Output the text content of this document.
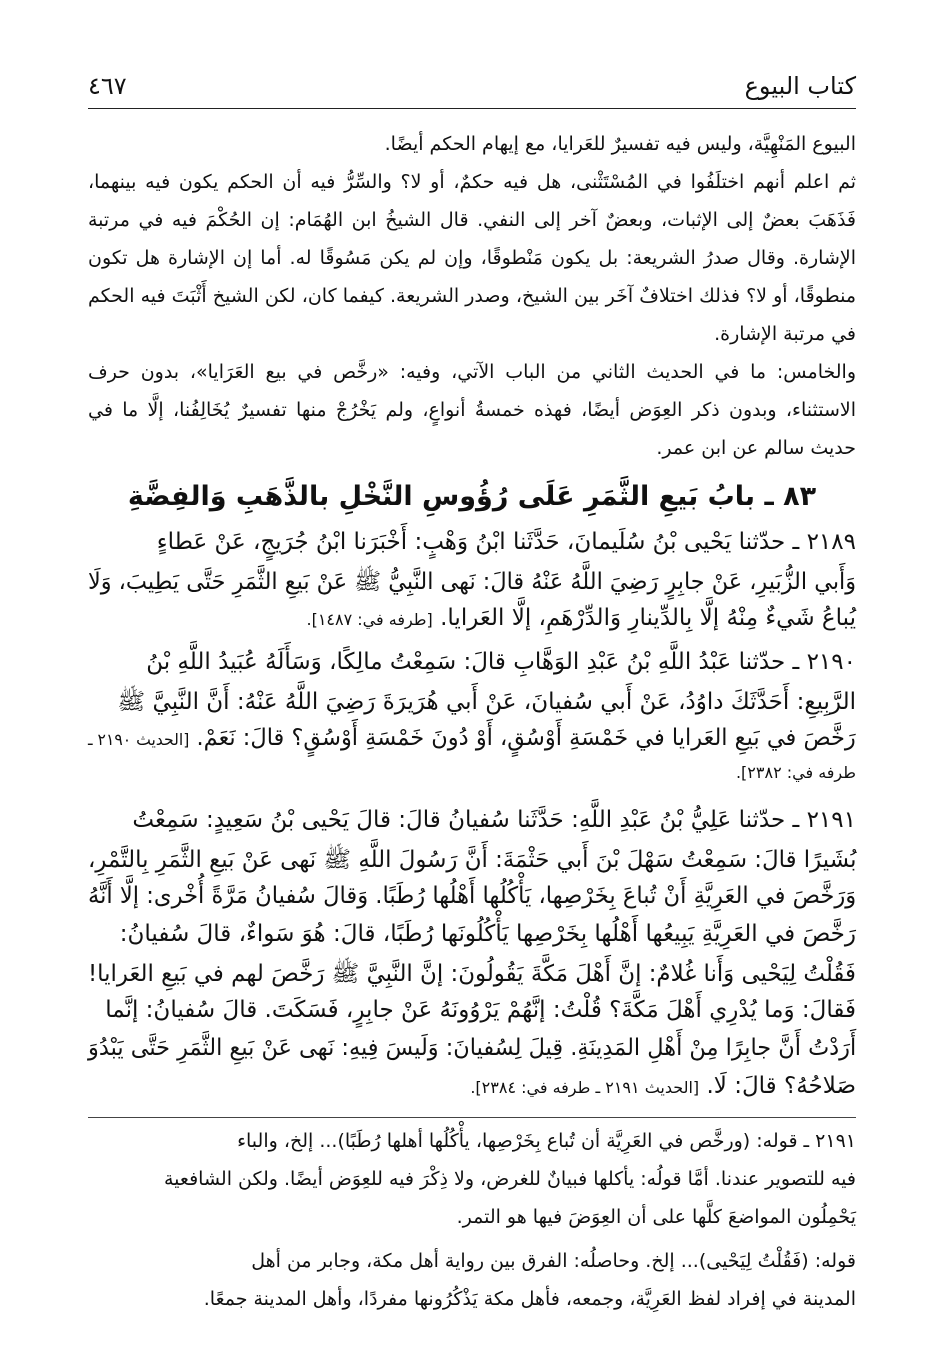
كتاب البيوع
٤٦٧

البيوع المَنْهِيَّة، وليس فيه تفسيرٌ للعَرايا، مع إيهام الحكم أيضًا.

ثم اعلم أنهم اختلَفُوا في المُسْتَثْنى، هل فيه حكمٌ، أو لا؟ والسِّرُّ فيه أن الحكم يكون فيه بينهما، فَذَهَبَ بعضٌ إلى الإثبات، وبعضٌ آخر إلى النفي. قال الشيخُ ابن الهُمَام: إن الحُكْمَ فيه في مرتبة الإشارة. وقال صدرُ الشريعة: بل يكون مَنْطوقًا، وإن لم يكن مَسُوقًا له. أما إن الإشارة هل تكون منطوقًا، أو لا؟ فذلك اختلافٌ آخَر بين الشيخ، وصدر الشريعة. كيفما كان، لكن الشيخ أَثْبَتَ فيه الحكم في مرتبة الإشارة.

والخامس: ما في الحديث الثاني من الباب الآتي، وفيه: «رخَّص في بيع العَرَايا»، بدون حرف الاستثناء، وبدون ذكر العِوَض أيضًا، فهذه خمسةُ أنواعٍ، ولم يَخْرُجْ منها تفسيرٌ يُخَالِفُنا، إلَّا ما في حديث سالم عن ابن عمر.

٨٣ ـ بابُ بَيعِ الثَّمَرِ عَلَى رُؤُوسِ النَّخْلِ بالذَّهَبِ وَالفِضَّةِ
٢١٨٩ ـ حدّثنا يَحْيى بْنُ سُلَيمانَ، حَدَّثَنا ابْنُ وَهْبٍ: أَخْبَرَنا ابْنُ جُرَيجٍ، عَنْ عَطاءٍ
وَأَبي الزُّبَيرِ، عَنْ جابِرٍ رَضِيَ اللَّهُ عَنْهُ قالَ: نَهى النَّبِيُّ ﷺ عَنْ بَيعِ الثَّمَرِ حَتَّى يَطِيبَ، وَلَا
يُباعُ شَيءٌ مِنْهُ إلَّا بِالدِّينارِ وَالدِّرْهَمِ، إلَّا العَرايا. [طرفه في: ١٤٨٧].
٢١٩٠ ـ حدّثنا عَبْدُ اللَّهِ بْنُ عَبْدِ الوَهَّابِ قالَ: سَمِعْتُ مالِكًا، وَسَأَلَهُ عُبَيدُ اللَّهِ بْنُ
الرَّبِيعِ: أَحَدَّثَكَ داوُدُ، عَنْ أَبي سُفيانَ، عَنْ أَبي هُرَيرَةَ رَضِيَ اللَّهُ عَنْهُ: أَنَّ النَّبِيَّ ﷺ
رَخَّصَ في بَيعِ العَرايا في خَمْسَةِ أَوْسُقٍ، أَوْ دُونَ خَمْسَةِ أَوْسُقٍ؟ قالَ: نَعَمْ. [الحديث ٢١٩٠ ـ
طرفه في: ٢٣٨٢].
٢١٩١ ـ حدّثنا عَلِيُّ بْنُ عَبْدِ اللَّهِ: حَدَّثَنا سُفيانُ قالَ: قالَ يَحْيى بْنُ سَعِيدٍ: سَمِعْتُ
بُشَيرًا قالَ: سَمِعْتُ سَهْلَ بْنَ أَبي حَثْمَةَ: أَنَّ رَسُولَ اللَّهِ ﷺ نَهى عَنْ بَيعِ الثَّمَرِ بِالتَّمْرِ،
وَرَخَّصَ في العَرِيَّةِ أَنْ تُباعَ بِخَرْصِها، يَأْكُلُها أَهْلُها رُطَبًا. وَقالَ سُفيانُ مَرَّةً أُخْرى: إلَّا أَنَّهُ
رَخَّصَ في العَرِيَّةِ يَبِيعُها أَهْلُها بِخَرْصِها يَأْكُلُونَها رُطَبًا، قالَ: هُوَ سَواءٌ، قالَ سُفيانُ:
فَقُلْتُ لِيَحْيى وَأَنا غُلامٌ: إنَّ أَهْلَ مَكَّةَ يَقُولُونَ: إنَّ النَّبِيَّ ﷺ رَخَّصَ لهم في بَيعِ العَرايا!
فَقالَ: وَما يُدْرِي أَهْلَ مَكَّةَ؟ قُلْتُ: إنَّهُمْ يَرْوُونَهُ عَنْ جابِرٍ، فَسَكَتَ. قالَ سُفيانُ: إنَّما
أَرَدْتُ أَنَّ جابِرًا مِنْ أَهْلِ المَدِينَةِ. قِيلَ لِسُفيانَ: وَلَيسَ فِيهِ: نَهى عَنْ بَيعِ الثَّمَرِ حَتَّى يَبْدُوَ
صَلاحُهُ؟ قالَ: لَا. [الحديث ٢١٩١ ـ طرفه في: ٢٣٨٤].
٢١٩١ ـ قوله: (ورخَّص في العَرِيَّة أن تُباع بِخَرْصِها، يأْكُلُها أهلها رُطَبًا)... إلخ، والباء
فيه للتصوير عندنا. أمَّا قولُه: يأكلها فبيانٌ للغرض، ولا ذِكْرَ فيه للعِوَض أيضًا. ولكن الشافعية
يَحْمِلُون المواضعَ كلَّها على أن العِوَضَ فيها هو التمر.
قوله: (فَقُلْتُ لِيَحْيى)... إلخ. وحاصلُه: الفرق بين رواية أهل مكة، وجابر من أهل
المدينة في إفراد لفظ العَرِيَّة، وجمعه، فأهل مكة يَذْكُرُونها مفردًا، وأهل المدينة جمعًا.
